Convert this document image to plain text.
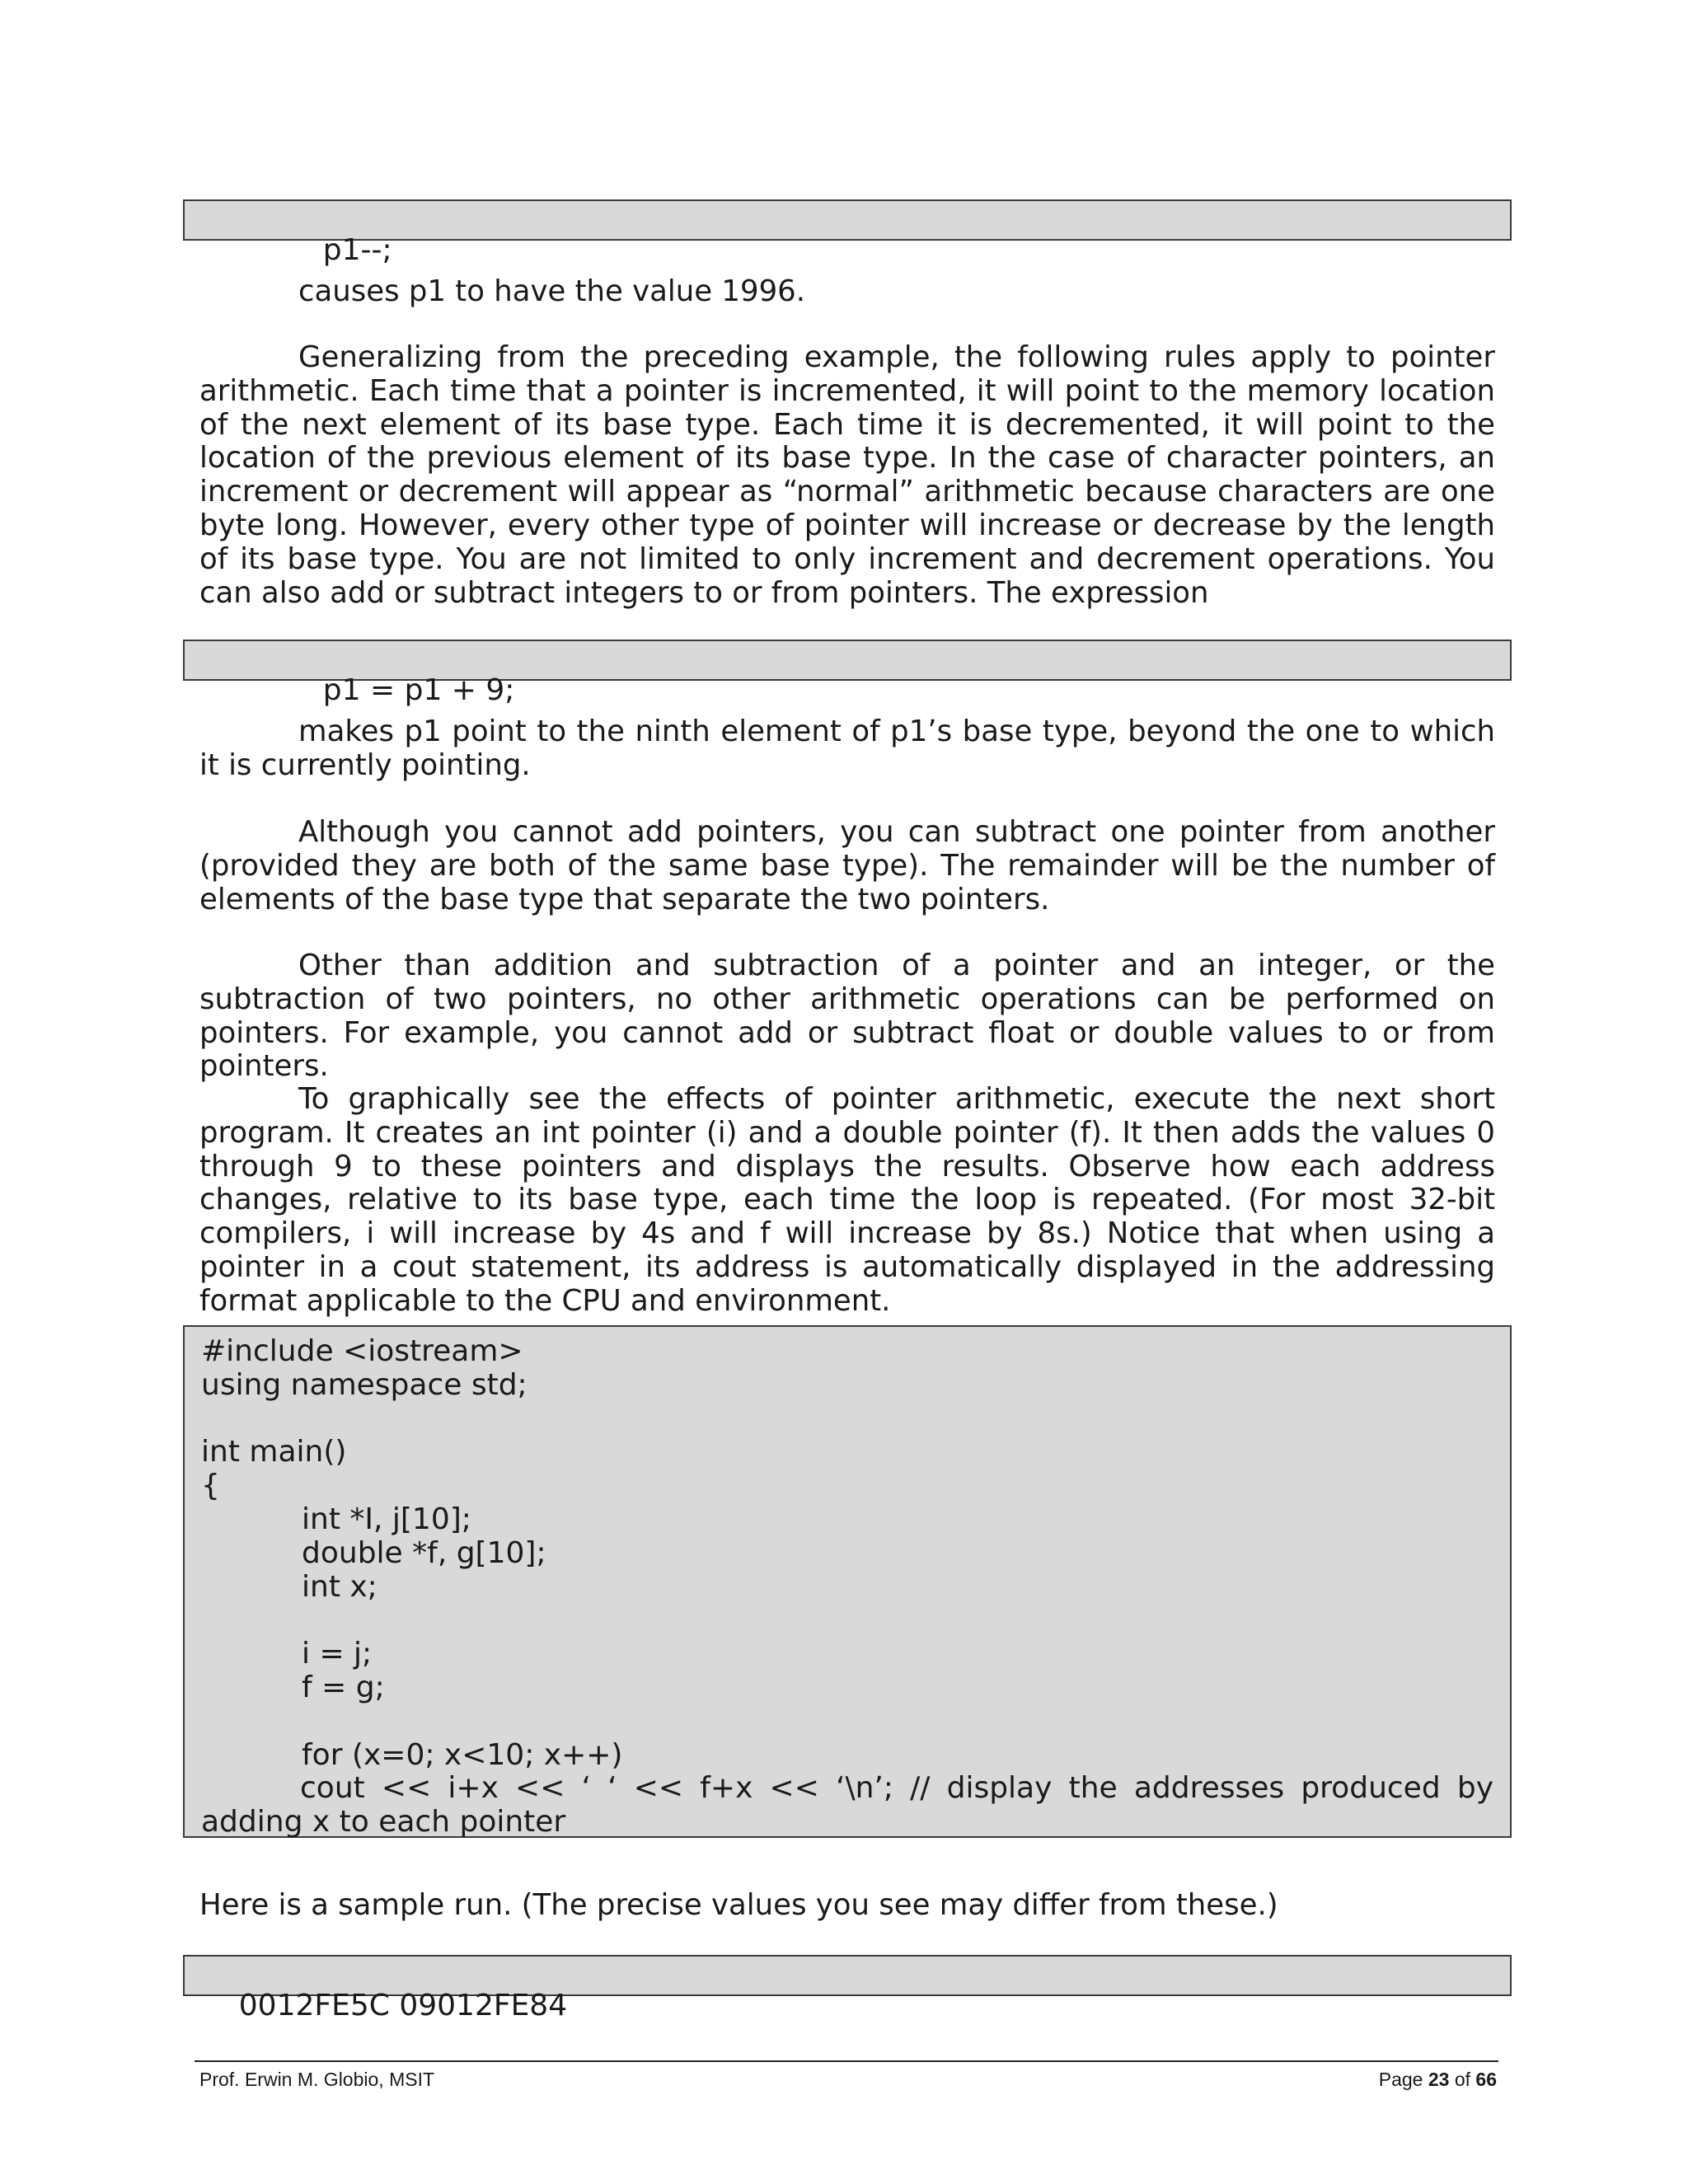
p1--;

causes p1 to have the value 1996.

Generalizing from the preceding example, the following rules apply to pointer arithmetic. Each time that a pointer is incremented, it will point to the memory location of the next element of its base type. Each time it is decremented, it will point to the location of the previous element of its base type. In the case of character pointers, an increment or decrement will appear as “normal” arithmetic because characters are one byte long. However, every other type of pointer will increase or decrease by the length of its base type. You are not limited to only increment and decrement operations. You can also add or subtract integers to or from pointers. The expression

p1 = p1 + 9;

makes p1 point to the ninth element of p1’s base type, beyond the one to which it is currently pointing.

Although you cannot add pointers, you can subtract one pointer from another (provided they are both of the same base type). The remainder will be the number of elements of the base type that separate the two pointers.

Other than addition and subtraction of a pointer and an integer, or the subtraction of two pointers, no other arithmetic operations can be performed on pointers. For example, you cannot add or subtract float or double values to or from pointers.

To graphically see the effects of pointer arithmetic, execute the next short program. It creates an int pointer (i) and a double pointer (f). It then adds the values 0 through 9 to these pointers and displays the results. Observe how each address changes, relative to its base type, each time the loop is repeated. (For most 32-bit compilers, i will increase by 4s and f will increase by 8s.) Notice that when using a pointer in a cout statement, its address is automatically displayed in the addressing format applicable to the CPU and environment.

#include <iostream>
using namespace std;
int main()
{
int *I, j[10];
double *f, g[10];
int x;
i = j;
f = g;
for (x=0; x<10; x++)
cout << i+x << ‘ ‘ << f+x << ‘\n’; // display the addresses produced by adding x to each pointer

Here is a sample run. (The precise values you see may differ from these.)

0012FE5C 09012FE84

Prof. Erwin M. Globio, MSIT	Page 23 of 66
